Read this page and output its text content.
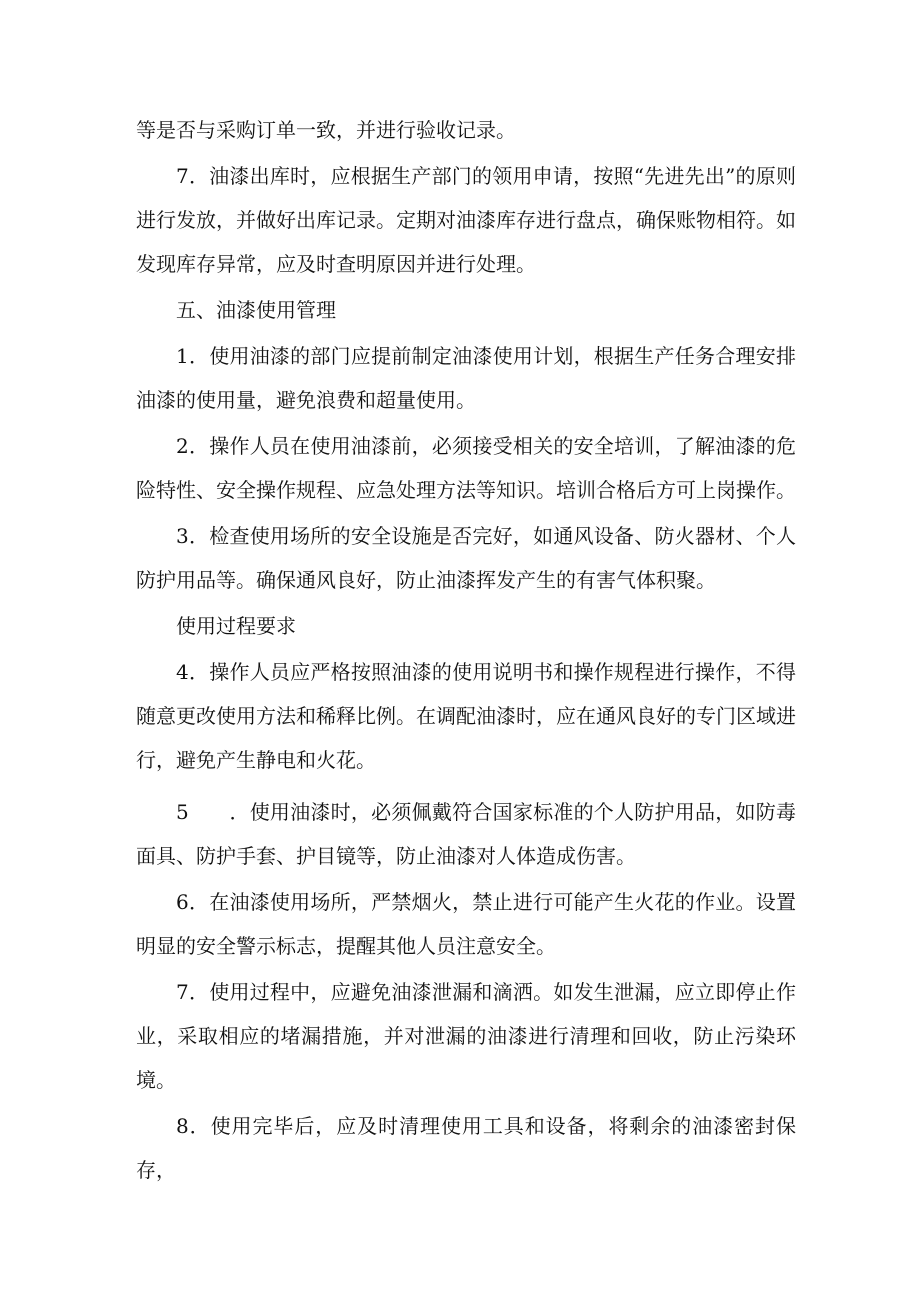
等是否与采购订单一致，并进行验收记录。

7．油漆出库时，应根据生产部门的领用申请，按照“先进先出”的原则进行发放，并做好出库记录。定期对油漆库存进行盘点，确保账物相符。如发现库存异常，应及时查明原因并进行处理。

五、油漆使用管理

1．使用油漆的部门应提前制定油漆使用计划，根据生产任务合理安排油漆的使用量，避免浪费和超量使用。

2．操作人员在使用油漆前，必须接受相关的安全培训，了解油漆的危险特性、安全操作规程、应急处理方法等知识。培训合格后方可上岗操作。

3．检查使用场所的安全设施是否完好，如通风设备、防火器材、个人防护用品等。确保通风良好，防止油漆挥发产生的有害气体积聚。

使用过程要求

4．操作人员应严格按照油漆的使用说明书和操作规程进行操作，不得随意更改使用方法和稀释比例。在调配油漆时，应在通风良好的专门区域进行，避免产生静电和火花。

5　　．使用油漆时，必须佩戴符合国家标准的个人防护用品，如防毒面具、防护手套、护目镜等，防止油漆对人体造成伤害。

6．在油漆使用场所，严禁烟火，禁止进行可能产生火花的作业。设置明显的安全警示标志，提醒其他人员注意安全。

7．使用过程中，应避免油漆泄漏和滴洒。如发生泄漏，应立即停止作业，采取相应的堵漏措施，并对泄漏的油漆进行清理和回收，防止污染环境。

8．使用完毕后，应及时清理使用工具和设备，将剩余的油漆密封保存，
